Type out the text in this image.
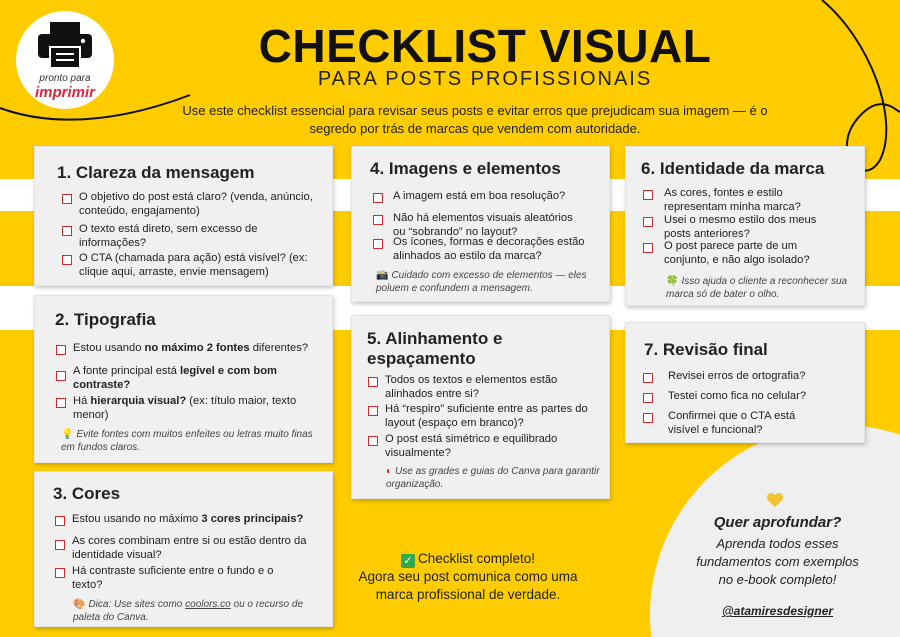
pronto para
imprimir
CHECKLIST VISUAL
PARA POSTS PROFISSIONAIS
Use este checklist essencial para revisar seus posts e evitar erros que prejudicam sua imagem — é o segredo por trás de marcas que vendem com autoridade.
1. Clareza da mensagem
O objetivo do post está claro? (venda, anúncio, conteúdo, engajamento)
O texto está direto, sem excesso de informações?
O CTA (chamada para ação) está visível? (ex: clique aqui, arraste, envie mensagem)
2. Tipografia
Estou usando no máximo 2 fontes diferentes?
A fonte principal está legível e com bom contraste?
Há hierarquia visual? (ex: título maior, texto menor)
💡 Evite fontes com muitos enfeites ou letras muito finas em fundos claros.
3. Cores
Estou usando no máximo 3 cores principais?
As cores combinam entre si ou estão dentro da identidade visual?
Há contraste suficiente entre o fundo e o texto?
🎨 Dica: Use sites como coolors.co ou o recurso de paleta do Canva.
4. Imagens e elementos
A imagem está em boa resolução?
Não há elementos visuais aleatórios ou “sobrando” no layout?
Os ícones, formas e decorações estão alinhados ao estilo da marca?
📸 Cuidado com excesso de elementos — eles poluem e confundem a mensagem.
5. Alinhamento e espaçamento
Todos os textos e elementos estão alinhados entre si?
Há “respiro” suficiente entre as partes do layout (espaço em branco)?
O post está simétrico e equilibrado visualmente?
◐ Use as grades e guias do Canva para garantir organização.
6. Identidade da marca
As cores, fontes e estilo representam minha marca?
Usei o mesmo estilo dos meus posts anteriores?
O post parece parte de um conjunto, e não algo isolado?
🍀 Isso ajuda o cliente a reconhecer sua marca só de bater o olho.
7. Revisão final
Revisei erros de ortografia?
Testei como fica no celular?
Confirmei que o CTA está visível e funcional?
✓ Checklist completo!
Agora seu post comunica como uma marca profissional de verdade.
Quer aprofundar?
Aprenda todos esses fundamentos com exemplos no e-book completo!
@atamiresdesigner
